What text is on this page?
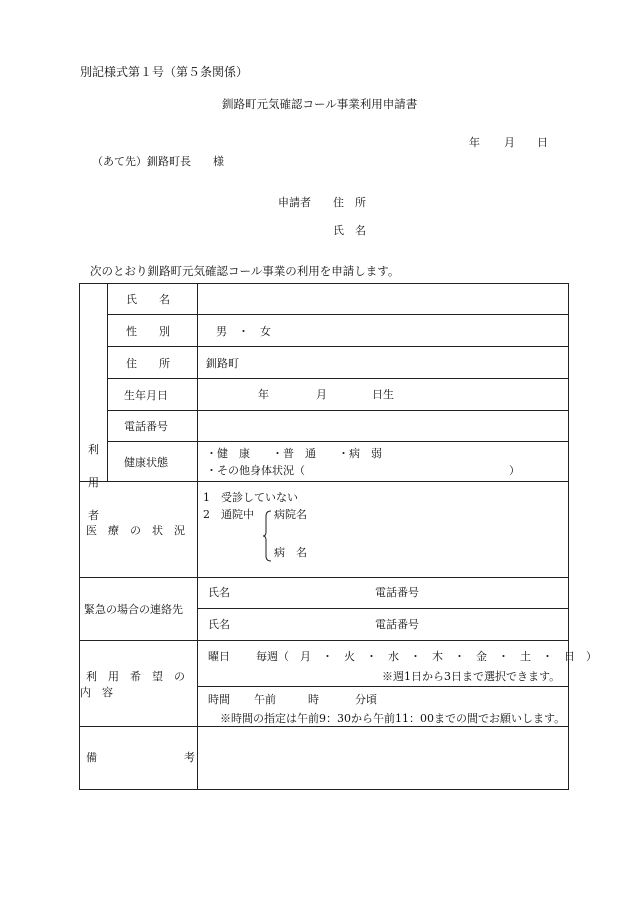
別記様式第１号（第５条関係）
釧路町元気確認コール事業利用申請書
年 月 日
（あて先）釧路町長　　様
申請者 住　所
氏　名
次のとおり釧路町元気確認コール事業の利用を申請します。
利
用
者	氏　　名	
	性　　別	男　・　女
	住　　所	釧路町
	生年月日	年 月 日生

	電話番号	
	健康状態	・健　康　　・普　通　　・病　弱
・その他身体状況（ ）

医　療　の　状　況		1　受診していない
2　通院中 病院名
病　名

緊急の場合の連絡先		氏名 電話番号

		氏名 電話番号

利　用　希　望　の　内　容		曜日 毎週（　月　・　火　・　水　・　木　・　金　・　土　・　日　）
※週1日から3日まで選択できます。

		時間 午前 時 分頃
※時間の指定は午前9：30から午前11：00までの間でお願いします。

備 考		
